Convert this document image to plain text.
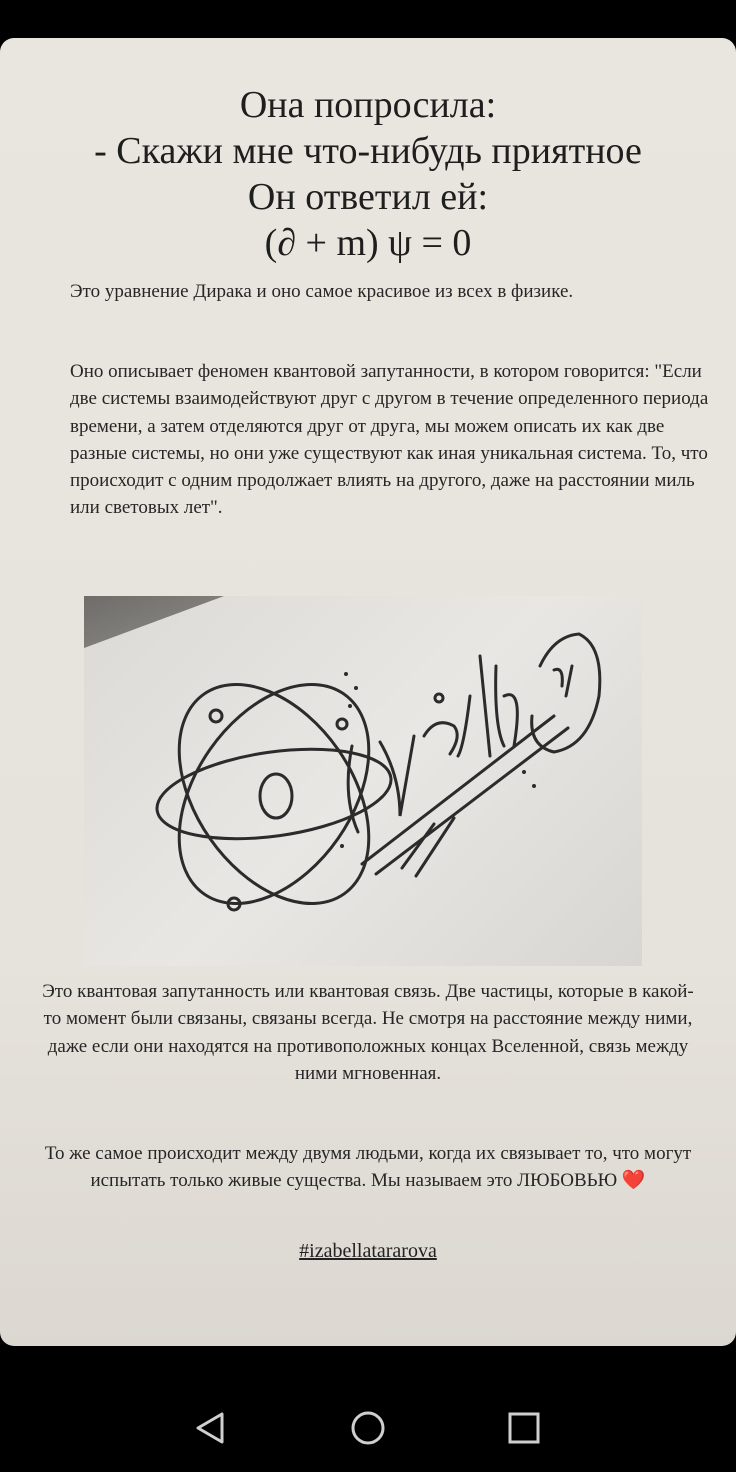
Она попросила:
- Скажи мне что-нибудь приятное
Он ответил ей:
(∂ + m) ψ = 0
Это уравнение Дирака и оно самое красивое из всех в физике.
Оно описывает феномен квантовой запутанности, в котором говорится: "Если две системы взаимодействуют друг с другом в течение определенного периода времени, а затем отделяются друг от друга, мы можем описать их как две разные системы, но они уже существуют как иная уникальная система. То, что происходит с одним продолжает влиять на другого, даже на расстоянии миль или световых лет".
Это квантовая запутанность или квантовая связь. Две частицы, которые в какой-то момент были связаны, связаны всегда. Не смотря на расстояние между ними, даже если они находятся на противоположных концах Вселенной, связь между ними мгновенная.
То же самое происходит между двумя людьми, когда их связывает то, что могут испытать только живые существа. Мы называем это ЛЮБОВЬЮ ❤️
#izabellatararova
